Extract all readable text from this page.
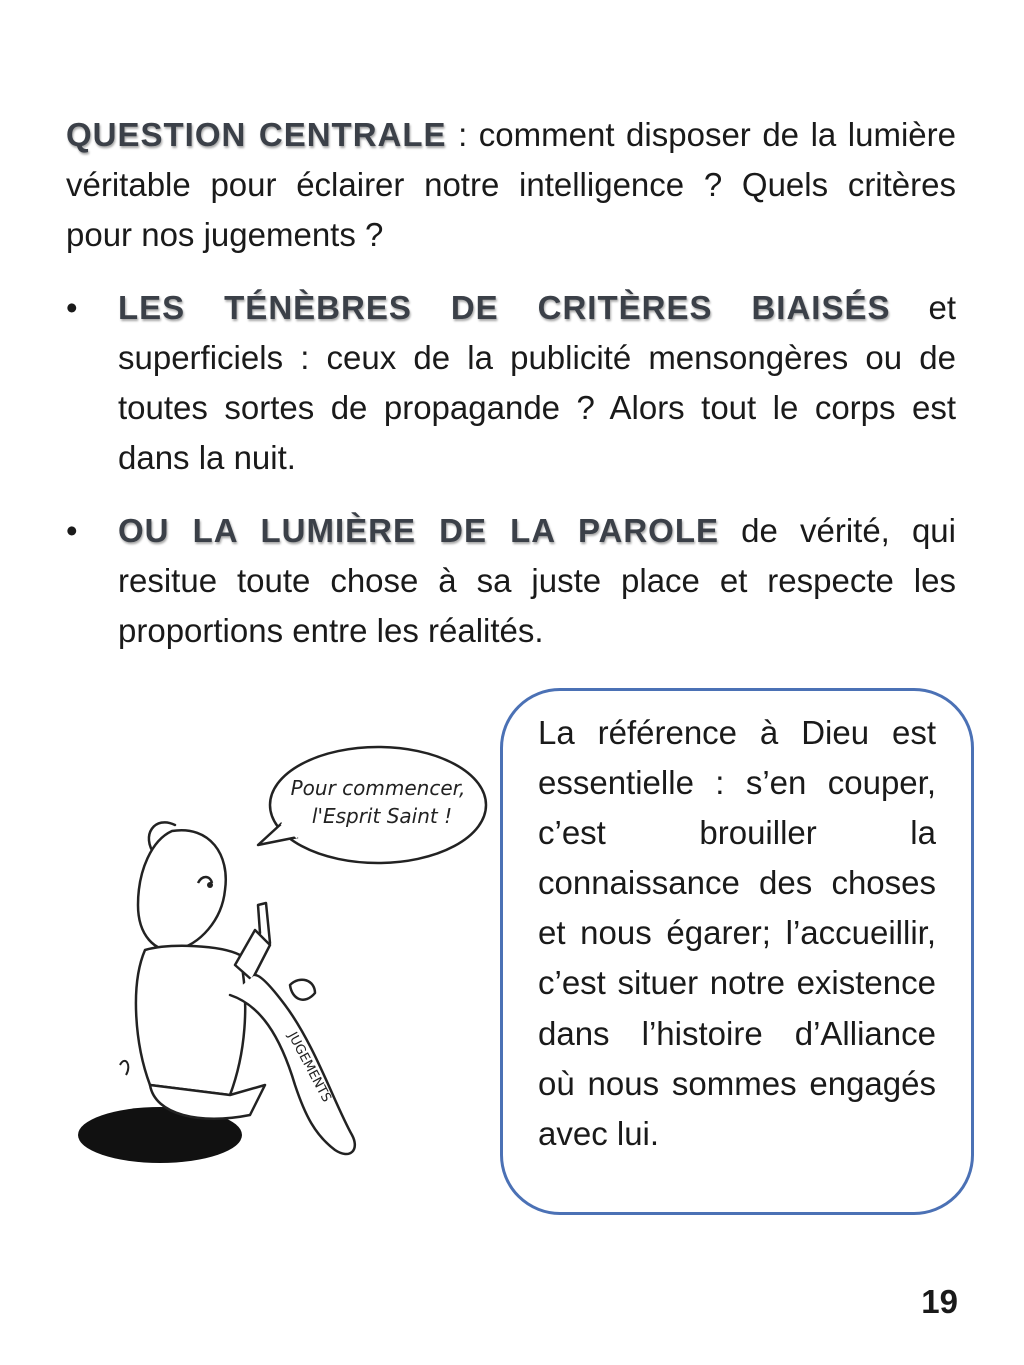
QUESTION CENTRALE : comment disposer de la lumière véritable pour éclairer notre intelligence ? Quels critères pour nos jugements ?

• LES TÉNÈBRES DE CRITÈRES BIAISÉS et superficiels : ceux de la publicité mensongères ou de toutes sortes de propagande ? Alors tout le corps est dans la nuit.

• OU LA LUMIÈRE DE LA PAROLE de vérité, qui resitue toute chose à sa juste place et respecte les proportions entre les réalités.

Pour commencer,
l'Esprit Saint !
JUGEMENTS

La référence à Dieu est essentielle : s’en couper, c’est brouiller la connaissance des choses et nous égarer; l’accueillir, c’est situer notre existence dans l’histoire d’Alliance où nous sommes engagés avec lui.

19
